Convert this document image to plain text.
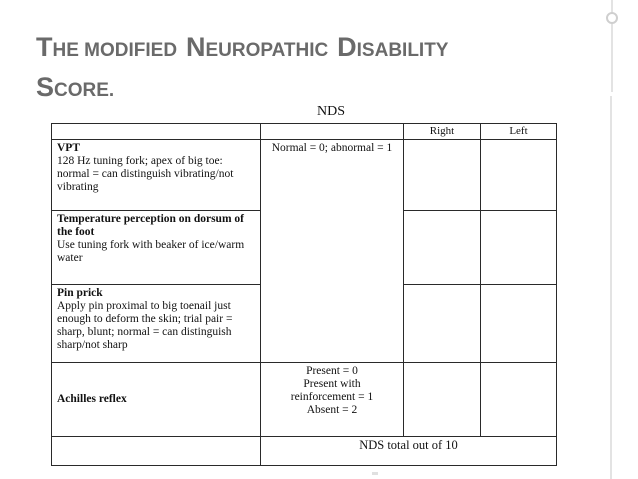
THE MODIFIED NEUROPATHIC DISABILITY
SCORE.
NDS
		Right	Left

VPT
128 Hz tuning fork; apex of big toe: normal = can distinguish vibrating/not vibrating	Normal = 0; abnormal = 1		

Temperature perception on dorsum of the foot
Use tuning fork with beaker of ice/warm water			

Pin prick
Apply pin proximal to big toenail just enough to deform the skin; trial pair = sharp, blunt; normal = can distinguish sharp/not sharp			

Achilles reflex	Present = 0
Present with
reinforcement = 1
Absent = 2		

	NDS total out of 10		
